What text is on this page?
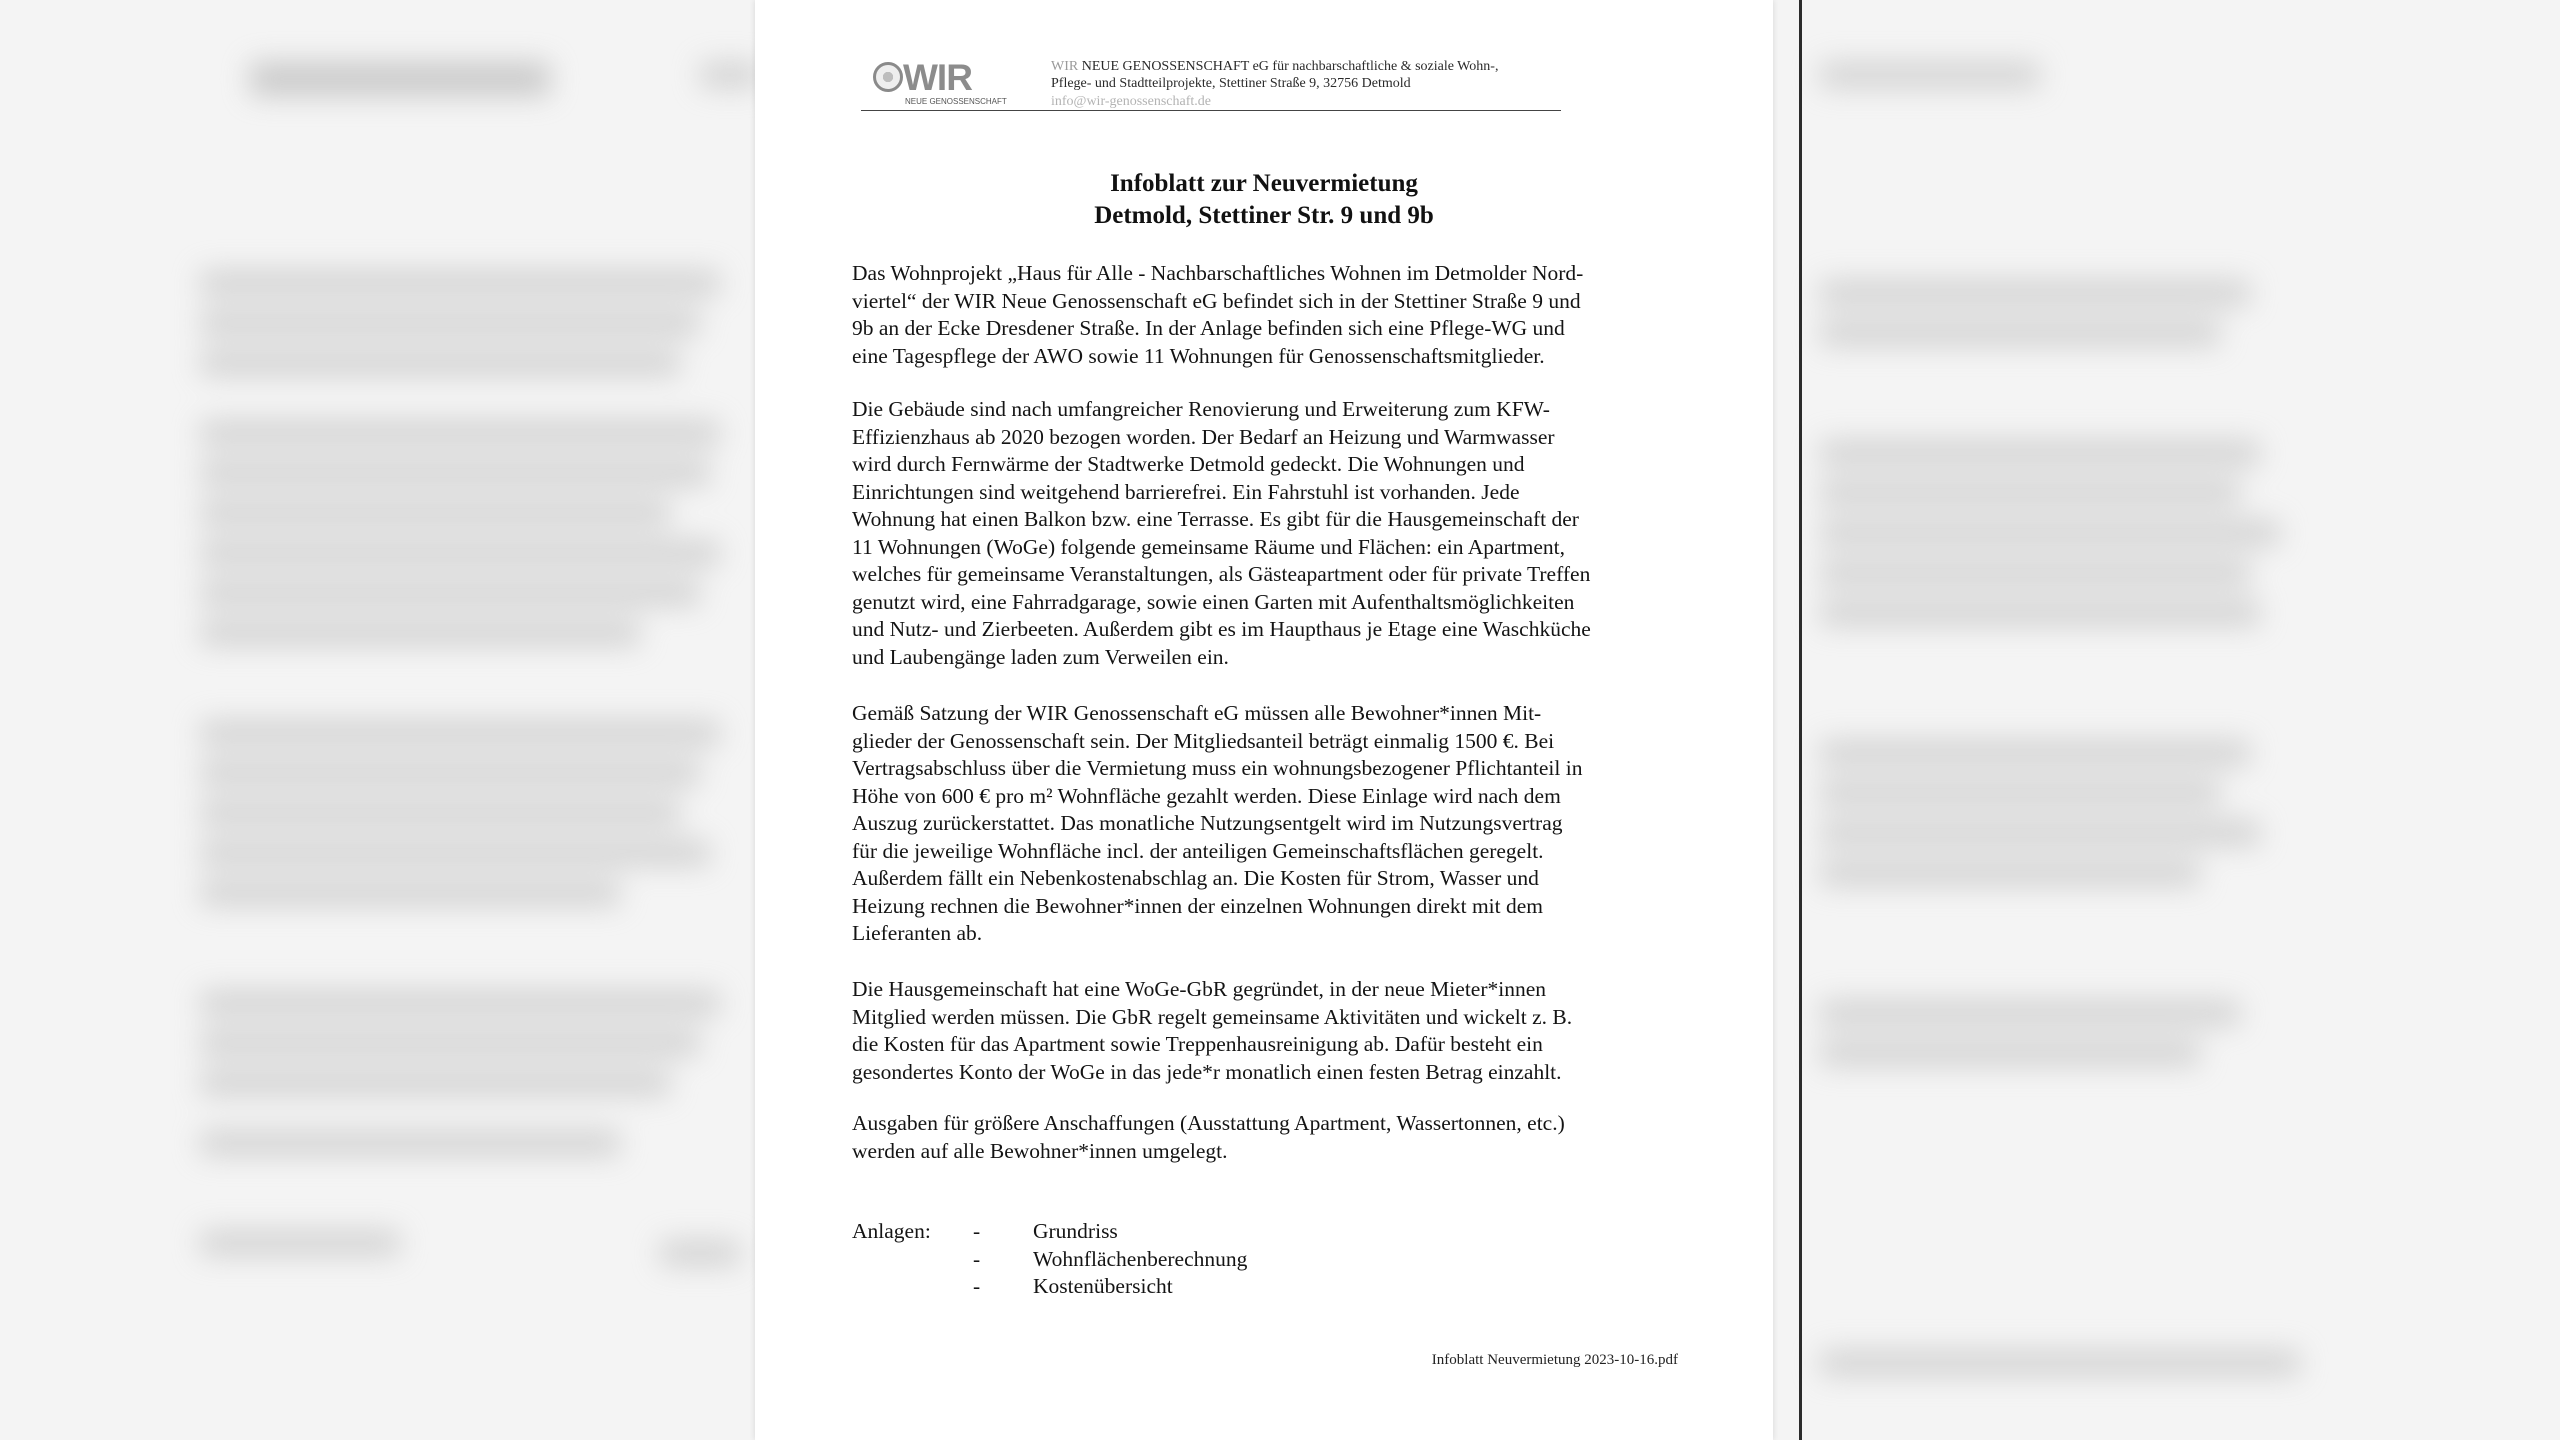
WIR
NEUE GENOSSENSCHAFT
WIR NEUE GENOSSENSCHAFT eG für nachbarschaftliche & soziale Wohn-,
Pflege- und Stadtteilprojekte, Stettiner Straße 9, 32756 Detmold
info@wir-genossenschaft.de
Infoblatt zur Neuvermietung
Detmold, Stettiner Str. 9 und 9b
Das Wohnprojekt „Haus für Alle - Nachbarschaftliches Wohnen im Detmolder Nord-
viertel“ der WIR Neue Genossenschaft eG befindet sich in der Stettiner Straße 9 und
9b an der Ecke Dresdener Straße. In der Anlage befinden sich eine Pflege-WG und
eine Tagespflege der AWO sowie 11 Wohnungen für Genossenschaftsmitglieder.
Die Gebäude sind nach umfangreicher Renovierung und Erweiterung zum KFW-
Effizienzhaus ab 2020 bezogen worden. Der Bedarf an Heizung und Warmwasser
wird durch Fernwärme der Stadtwerke Detmold gedeckt. Die Wohnungen und
Einrichtungen sind weitgehend barrierefrei. Ein Fahrstuhl ist vorhanden. Jede
Wohnung hat einen Balkon bzw. eine Terrasse. Es gibt für die Hausgemeinschaft der
11 Wohnungen (WoGe) folgende gemeinsame Räume und Flächen: ein Apartment,
welches für gemeinsame Veranstaltungen, als Gästeapartment oder für private Treffen
genutzt wird, eine Fahrradgarage, sowie einen Garten mit Aufenthaltsmöglichkeiten
und Nutz- und Zierbeeten. Außerdem gibt es im Haupthaus je Etage eine Waschküche
und Laubengänge laden zum Verweilen ein.
Gemäß Satzung der WIR Genossenschaft eG müssen alle Bewohner*innen Mit-
glieder der Genossenschaft sein. Der Mitgliedsanteil beträgt einmalig 1500 €. Bei
Vertragsabschluss über die Vermietung muss ein wohnungsbezogener Pflichtanteil in
Höhe von 600 € pro m² Wohnfläche gezahlt werden. Diese Einlage wird nach dem
Auszug zurückerstattet. Das monatliche Nutzungsentgelt wird im Nutzungsvertrag
für die jeweilige Wohnfläche incl. der anteiligen Gemeinschaftsflächen geregelt.
Außerdem fällt ein Nebenkostenabschlag an. Die Kosten für Strom, Wasser und
Heizung rechnen die Bewohner*innen der einzelnen Wohnungen direkt mit dem
Lieferanten ab.
Die Hausgemeinschaft hat eine WoGe-GbR gegründet, in der neue Mieter*innen
Mitglied werden müssen. Die GbR regelt gemeinsame Aktivitäten und wickelt z. B.
die Kosten für das Apartment sowie Treppenhausreinigung ab. Dafür besteht ein
gesondertes Konto der WoGe in das jede*r monatlich einen festen Betrag einzahlt.
Ausgaben für größere Anschaffungen (Ausstattung Apartment, Wassertonnen, etc.)
werden auf alle Bewohner*innen umgelegt.
Anlagen: - Grundriss
- Wohnflächenberechnung
- Kostenübersicht
Infoblatt Neuvermietung 2023-10-16.pdf
